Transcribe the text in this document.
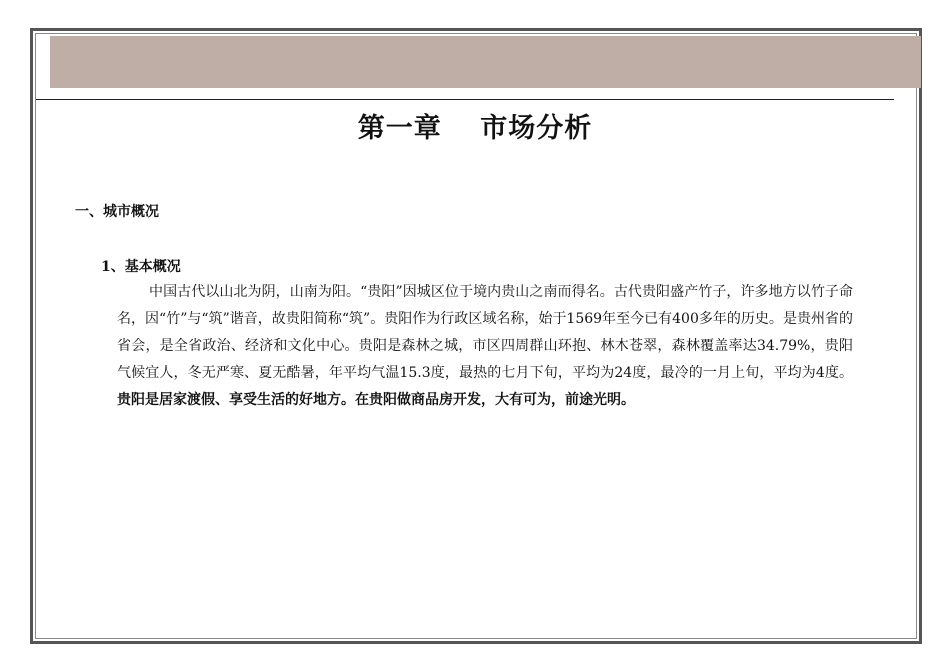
第一章　 市场分析
一、城市概况
1、基本概况

中国古代以山北为阴，山南为阳。“贵阳”因城区位于境内贵山之南而得名。古代贵阳盛产竹子，许多地方以竹子命名，因“竹”与“筑”谐音，故贵阳简称“筑”。贵阳作为行政区域名称，始于1569年至今已有400多年的历史。是贵州省的省会，是全省政治、经济和文化中心。贵阳是森林之城，市区四周群山环抱、林木苍翠，森林覆盖率达34.79%，贵阳气候宜人，冬无严寒、夏无酷暑，年平均气温15.3度，最热的七月下旬，平均为24度，最冷的一月上旬，平均为4度。贵阳是居家渡假、享受生活的好地方。在贵阳做商品房开发，大有可为，前途光明。
